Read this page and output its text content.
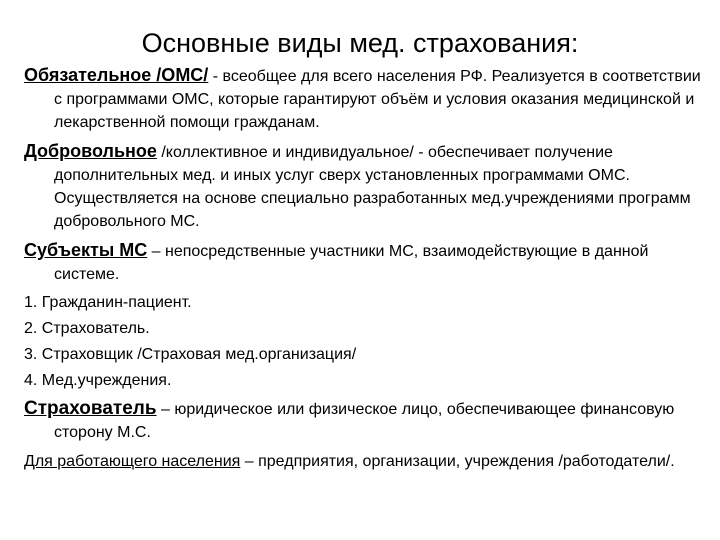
Основные виды мед. страхования:

Обязательное /ОМС/ - всеобщее для всего населения РФ. Реализуется в соответствии с программами ОМС, которые гарантируют объём и условия оказания медицинской и лекарственной помощи гражданам.

Добровольное /коллективное и индивидуальное/ - обеспечивает получение дополнительных мед. и иных услуг сверх установленных программами ОМС. Осуществляется на основе специально разработанных мед.учреждениями программ добровольного МС.

Субъекты МС – непосредственные участники МС, взаимодействующие в данной системе.

1. Гражданин-пациент.

2. Страхователь.

3. Страховщик /Страховая мед.организация/

4. Мед.учреждения.

Страхователь – юридическое или физическое лицо, обеспечивающее финансовую сторону М.С.

Для работающего населения – предприятия, организации, учреждения /работодатели/.
